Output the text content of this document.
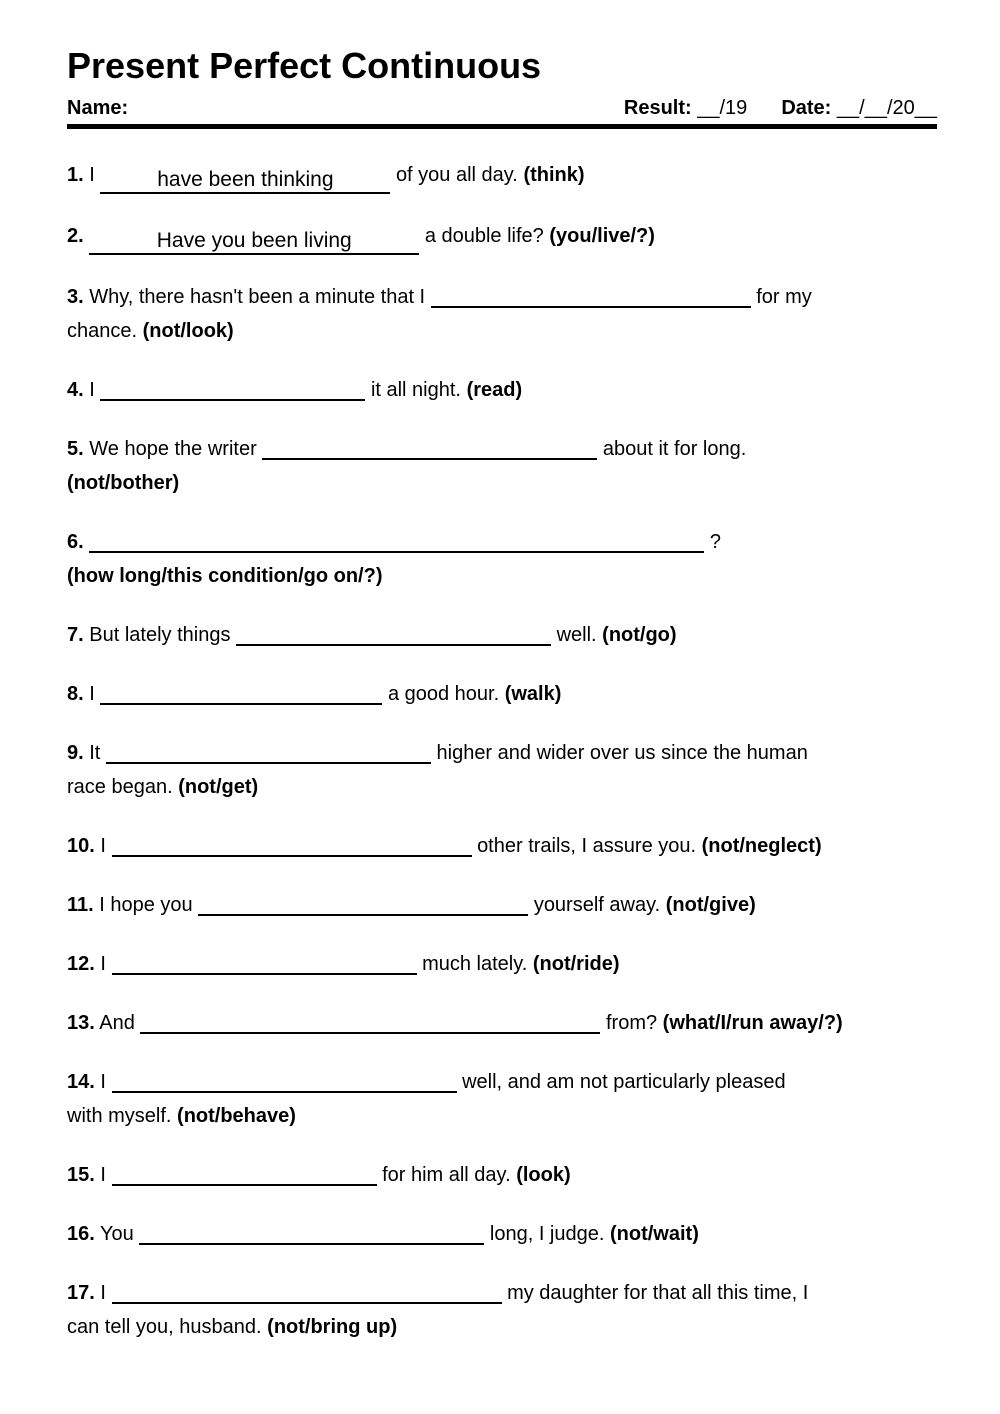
Present Perfect Continuous
Name:	Result: __/19 Date: __/__/20__

1. I	have been thinking	of you all day. (think)

2.	Have you been living	a double life? (you/live/?)

3. Why, there hasn't been a minute that I	for my
chance. (not/look)

4. I	it all night. (read)

5. We hope the writer	about it for long.
(not/bother)

6.	?
(how long/this condition/go on/?)

7. But lately things	well. (not/go)

8. I	a good hour. (walk)

9. It	higher and wider over us since the human
race began. (not/get)

10. I	other trails, I assure you. (not/neglect)

11. I hope you	yourself away. (not/give)

12. I	much lately. (not/ride)

13. And	from? (what/I/run away/?)

14. I	well, and am not particularly pleased
with myself. (not/behave)

15. I	for him all day. (look)

16. You	long, I judge. (not/wait)

17. I	my daughter for that all this time, I
can tell you, husband. (not/bring up)
